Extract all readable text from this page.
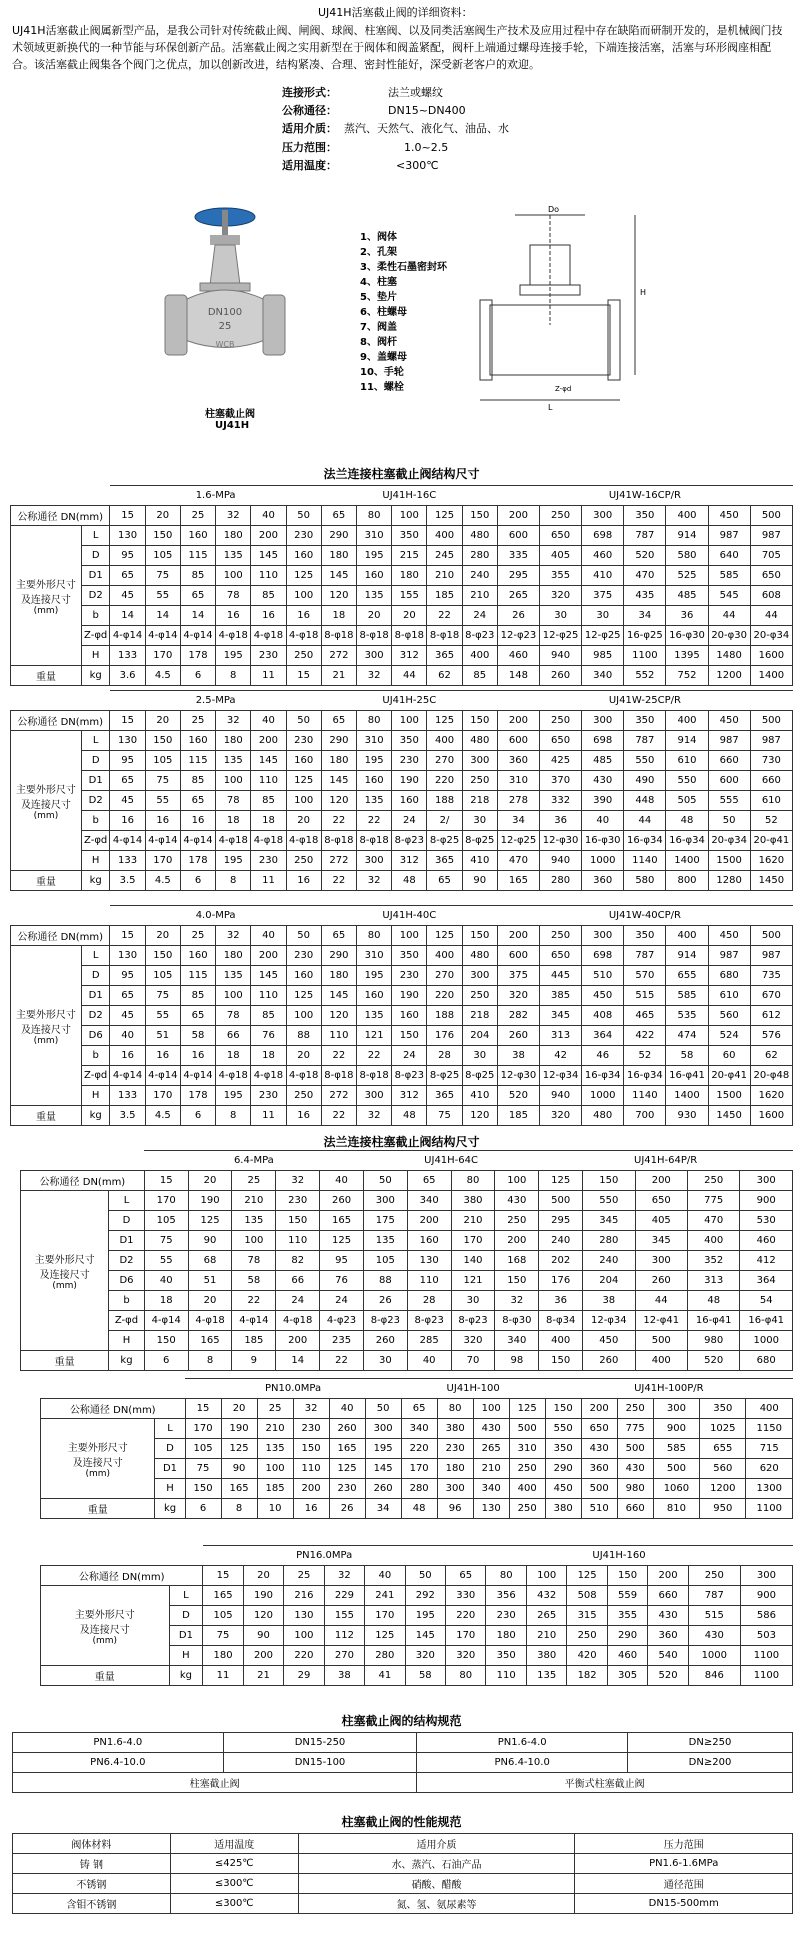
UJ41H活塞截止阀的详细资料：
UJ41H活塞截止阀属新型产品，是我公司针对传统截止阀、闸阀、球阀、柱塞阀、以及同类活塞阀生产技术及应用过程中存在缺陷而研制开发的，是机械阀门技术领域更新换代的一种节能与环保创新产品。活塞截止阀之实用新型在于阀体和阀盖紧配，阀杆上端通过螺母连接手轮，下端连接活塞，活塞与环形阀座相配合。该活塞截止阀集各个阀门之优点，加以创新改进，结构紧凑、合理、密封性能好，深受新老客户的欢迎。
连接形式：	法兰或螺纹
公称通径：	DN15~DN400
适用介质： 蒸汽、天然气、液化气、油品、水
压力范围：	1.0~2.5
适用温度：	<300℃
DN100
25
WCB
柱塞截止阀
UJ41H
1、阀体
2、孔架
3、柔性石墨密封环
4、柱塞
5、垫片
6、柱螺母
7、阀盖
8、阀杆
9、盖螺母
10、手轮
11、螺栓
Do
H
L
Z-φd
法兰连接柱塞截止阀结构尺寸
		1.6-MPa						UJ41H-16C					UJ41W-16CP/R						
公称通径 DN(mm)		15	20	25	32	40	50	65	80	100	125	150	200	250	300	350	400	450	500

主要外形尺寸及连接尺寸
(mm)	L	130	150	160	180	200	230	290	310	350	400	480	600	650	698	787	914	987	987
	D	95	105	115	135	145	160	180	195	215	245	280	335	405	460	520	580	640	705
	D1	65	75	85	100	110	125	145	160	180	210	240	295	355	410	470	525	585	650
	D2	45	55	65	78	85	100	120	135	155	185	210	265	320	375	435	485	545	608
	b	14	14	14	16	16	16	18	20	20	22	24	26	30	30	34	36	44	44
	Z-φd	4-φ14	4-φ14	4-φ14	4-φ18	4-φ18	4-φ18	8-φ18	8-φ18	8-φ18	8-φ18	8-φ23	12-φ23	12-φ25	12-φ25	16-φ25	16-φ30	20-φ30	20-φ34
	H	133	170	178	195	230	250	272	300	312	365	400	460	940	985	1100	1395	1480	1600
重量	kg	3.6	4.5	6	8	11	15	21	32	44	62	85	148	260	340	552	752	1200	1400
		2.5-MPa						UJ41H-25C					UJ41W-25CP/R						
公称通径 DN(mm)		15	20	25	32	40	50	65	80	100	125	150	200	250	300	350	400	450	500

主要外形尺寸及连接尺寸
(mm)	L	130	150	160	180	200	230	290	310	350	400	480	600	650	698	787	914	987	987
	D	95	105	115	135	145	160	180	195	230	270	300	360	425	485	550	610	660	730
	D1	65	75	85	100	110	125	145	160	190	220	250	310	370	430	490	550	600	660
	D2	45	55	65	78	85	100	120	135	160	188	218	278	332	390	448	505	555	610
	b	16	16	16	18	18	20	22	22	24	2/	30	34	36	40	44	48	50	52
	Z-φd	4-φ14	4-φ14	4-φ14	4-φ18	4-φ18	4-φ18	8-φ18	8-φ18	8-φ23	8-φ25	8-φ25	12-φ25	12-φ30	16-φ30	16-φ34	16-φ34	20-φ34	20-φ41
	H	133	170	178	195	230	250	272	300	312	365	410	470	940	1000	1140	1400	1500	1620
重量	kg	3.5	4.5	6	8	11	16	22	32	48	65	90	165	280	360	580	800	1280	1450
		4.0-MPa						UJ41H-40C					UJ41W-40CP/R						
公称通径 DN(mm)		15	20	25	32	40	50	65	80	100	125	150	200	250	300	350	400	450	500

主要外形尺寸及连接尺寸
(mm)	L	130	150	160	180	200	230	290	310	350	400	480	600	650	698	787	914	987	987
	D	95	105	115	135	145	160	180	195	230	270	300	375	445	510	570	655	680	735
	D1	65	75	85	100	110	125	145	160	190	220	250	320	385	450	515	585	610	670
	D2	45	55	65	78	85	100	120	135	160	188	218	282	345	408	465	535	560	612
	D6	40	51	58	66	76	88	110	121	150	176	204	260	313	364	422	474	524	576
	b	16	16	16	18	18	20	22	22	24	28	30	38	42	46	52	58	60	62
	Z-φd	4-φ14	4-φ14	4-φ14	4-φ18	4-φ18	4-φ18	8-φ18	8-φ18	8-φ23	8-φ25	8-φ25	12-φ30	12-φ34	16-φ34	16-φ34	16-φ41	20-φ41	20-φ48
	H	133	170	178	195	230	250	272	300	312	365	410	520	940	1000	1140	1400	1500	1620
重量	kg	3.5	4.5	6	8	11	16	22	32	48	75	120	185	320	480	700	930	1450	1600
法兰连接柱塞截止阀结构尺寸
		6.4-MPa					UJ41H-64C				UJ41H-64P/R				
公称通径 DN(mm)		15	20	25	32	40	50	65	80	100	125	150	200	250	300

主要外形尺寸及连接尺寸
(mm)	L	170	190	210	230	260	300	340	380	430	500	550	650	775	900
	D	105	125	135	150	165	175	200	210	250	295	345	405	470	530
	D1	75	90	100	110	125	135	160	170	200	240	280	345	400	460
	D2	55	68	78	82	95	105	130	140	168	202	240	300	352	412
	D6	40	51	58	66	76	88	110	121	150	176	204	260	313	364
	b	18	20	22	24	24	26	28	30	32	36	38	44	48	54
	Z-φd	4-φ14	4-φ18	4-φ14	4-φ18	4-φ23	8-φ23	8-φ23	8-φ23	8-φ30	8-φ34	12-φ34	12-φ41	16-φ41	16-φ41
	H	150	165	185	200	235	260	285	320	340	400	450	500	980	1000
重量	kg	6	8	9	14	22	30	40	70	98	150	260	400	520	680
		PN10.0MPa						UJ41H-100				UJ41H-100P/R					
公称通径 DN(mm)		15	20	25	32	40	50	65	80	100	125	150	200	250	300	350	400

主要外形尺寸及连接尺寸
(mm)	L	170	190	210	230	260	300	340	380	430	500	550	650	775	900	1025	1150
	D	105	125	135	150	165	195	220	230	265	310	350	430	500	585	655	715
	D1	75	90	100	110	125	145	170	180	210	250	290	360	430	500	560	620
	H	150	165	185	200	230	260	280	300	340	400	450	500	980	1060	1200	1300
重量	kg	6	8	10	16	26	34	48	96	130	250	380	510	660	810	950	1100
		PN16.0MPa						UJ41H-160							
公称通径 DN(mm)		15	20	25	32	40	50	65	80	100	125	150	200	250	300

主要外形尺寸及连接尺寸
(mm)	L	165	190	216	229	241	292	330	356	432	508	559	660	787	900
	D	105	120	130	155	170	195	220	230	265	315	355	430	515	586
	D1	75	90	100	112	125	145	170	180	210	250	290	360	430	503
	H	180	200	220	270	280	320	320	350	380	420	460	540	1000	1100
重量	kg	11	21	29	38	41	58	80	110	135	182	305	520	846	1100
柱塞截止阀的结构规范
PN1.6-4.0	DN15-250	PN1.6-4.0	DN≥250
PN6.4-10.0	DN15-100	PN6.4-10.0	DN≥200
柱塞截止阀		平衡式柱塞截止阀	
柱塞截止阀的性能规范
阀体材料	适用温度	适用介质	压力范围
铸 钢	≤425℃	水、蒸汽、石油产品	PN1.6-1.6MPa
不锈钢	≤300℃	硝酸、醋酸	通径范围
含钼不锈钢	≤300℃	氮、氢、氨尿素等	DN15-500mm
